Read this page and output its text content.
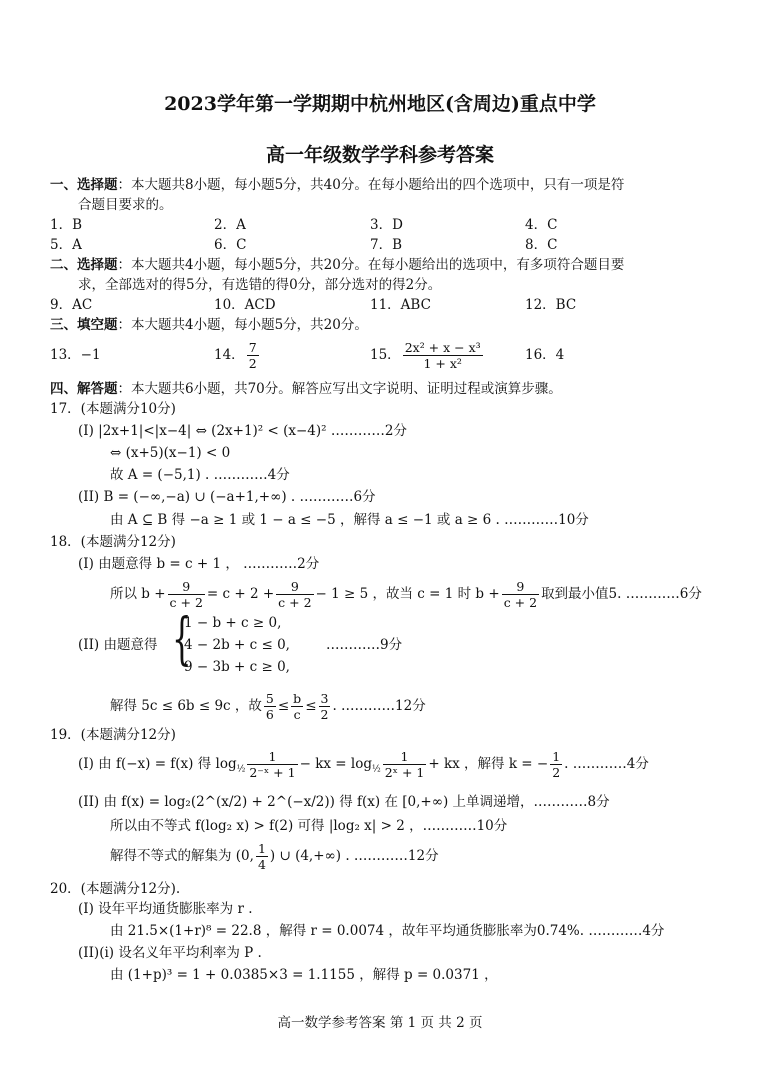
2023学年第一学期期中杭州地区(含周边)重点中学
高一年级数学学科参考答案
一、选择题：本大题共8小题，每小题5分，共40分。在每小题给出的四个选项中，只有一项是符
合题目要求的。
1．B	2．A	3．D	4．C
5．A	6．C	7．B	8．C
二、选择题：本大题共4小题，每小题5分，共20分。在每小题给出的选项中，有多项符合题目要
求，全部选对的得5分，有选错的得0分，部分选对的得2分。
9．AC	10．ACD	11．ABC	12．BC
三、填空题：本大题共4小题，每小题5分，共20分。
13．−1	14． $\frac{7}{2}$	15． $\frac{\text{2x² + x − x³}}{\text{1 + x²}}$	16．4
四、解答题：本大题共6小题，共70分。解答应写出文字说明、证明过程或演算步骤。
17．(本题满分10分)
(I) |2x+1|<|x−4| ⇔ (2x+1)² < (x−4)² …………2分
⇔ (x+5)(x−1) < 0
故 A = (−5,1) . …………4分
(II) B = (−∞,−a) ∪ (−a+1,+∞) . …………6分
由 A ⊆ B 得 −a ≥ 1 或 1 − a ≤ −5 ，解得 a ≤ −1 或 a ≥ 6 . …………10分
18．(本题满分12分)
(I) 由题意得 b = c + 1 ， …………2分
所以 $b + \frac{9}{c + 2} = c + 2 + \frac{9}{c + 2} - 1 \ge 5$ ，故当 c = 1 时 $b + \frac{9}{c + 2}$ 取到最小值5. …………6分
(II) 由题意得 {
1 − b + c ≥ 0,
4 − 2b + c ≤ 0,
9 − 3b + c ≥ 0,
…………9分
解得 5c ≤ 6b ≤ 9c ，故 $\frac{5}{6} \le \frac{b}{c} \le \frac{3}{2}$ . …………12分
19．(本题满分12分)
(I) 由 f(−x) = f(x) 得 $\log_{\frac{1}{2}} \frac{1}{\text{2⁻ˣ + 1}}$ − kx = $\log_{\frac{1}{2}} \frac{1}{\text{2ˣ + 1}}$ + kx ，解得 k = − $\frac{1}{2}$ . …………4分
(II) 由 f(x) = log₂(2^(x/2) + 2^(−x/2)) 得 f(x) 在 [0,+∞) 上单调递增，…………8分
所以由不等式 f(log₂ x) > f(2) 可得 |log₂ x| > 2 ，…………10分
解得不等式的解集为 (0, $\frac{1}{4}$ ) ∪ (4,+∞) . …………12分
20．(本题满分12分).
(I) 设年平均通货膨胀率为 r .
由 21.5×(1+r)⁸ = 22.8 ，解得 r = 0.0074 ，故年平均通货膨胀率为0.74%. …………4分
(II)(i) 设名义年平均利率为 P .
由 (1+p)³ = 1 + 0.0385×3 = 1.1155 ，解得 p = 0.0371 ，
高一数学参考答案 第 1 页 共 2 页
